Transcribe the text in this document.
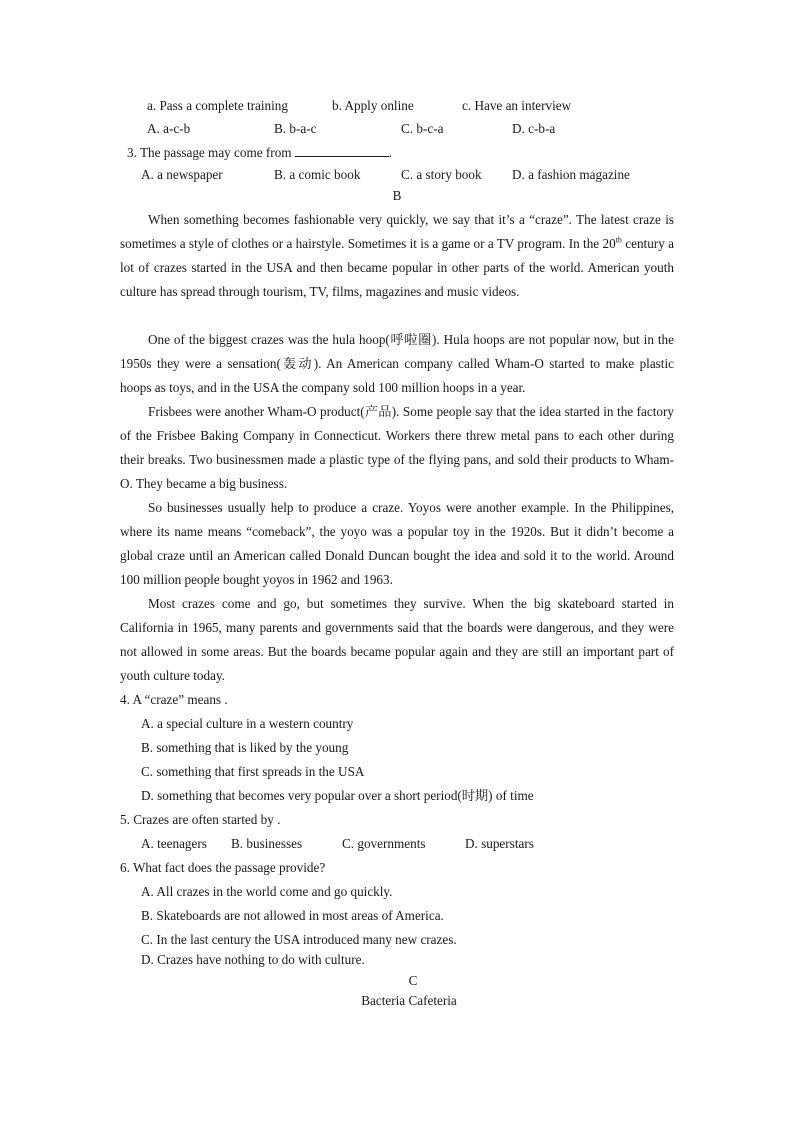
a. Pass a complete training	b. Apply online	c. Have an interview
A. a-c-b	B. b-a-c	C. b-c-a	D. c-b-a
3. The passage may come from	.
A. a newspaper	B. a comic book	C. a story book D. a fashion magazine
B

When something becomes fashionable very quickly, we say that it’s a “craze”. The latest craze is sometimes a style of clothes or a hairstyle. Sometimes it is a game or a TV program. In the 20th century a lot of crazes started in the USA and then became popular in other parts of the world. American youth culture has spread through tourism, TV, films, magazines and music videos.

One of the biggest crazes was the hula hoop(呼啦圈). Hula hoops are not popular now, but in the 1950s they were a sensation(轰动). An American company called Wham-O started to make plastic hoops as toys, and in the USA the company sold 100 million hoops in a year.

Frisbees were another Wham-O product(产品). Some people say that the idea started in the factory of the Frisbee Baking Company in Connecticut. Workers there threw metal pans to each other during their breaks. Two businessmen made a plastic type of the flying pans, and sold their products to Wham-O. They became a big business.

So businesses usually help to produce a craze. Yoyos were another example. In the Philippines, where its name means “comeback”, the yoyo was a popular toy in the 1920s. But it didn’t become a global craze until an American called Donald Duncan bought the idea and sold it to the world. Around 100 million people bought yoyos in 1962 and 1963.

Most crazes come and go, but sometimes they survive. When the big skateboard started in California in 1965, many parents and governments said that the boards were dangerous, and they were not allowed in some areas. But the boards became popular again and they are still an important part of youth culture today.

4. A “craze” means .
A. a special culture in a western country
B. something that is liked by the young
C. something that first spreads in the USA
D. something that becomes very popular over a short period(时期) of time
5. Crazes are often started by .
A. teenagers B. businesses	C. governments	D. superstars
6. What fact does the passage provide?
A. All crazes in the world come and go quickly.
B. Skateboards are not allowed in most areas of America.
C. In the last century the USA introduced many new crazes.
D. Crazes have nothing to do with culture.
C
Bacteria Cafeteria
